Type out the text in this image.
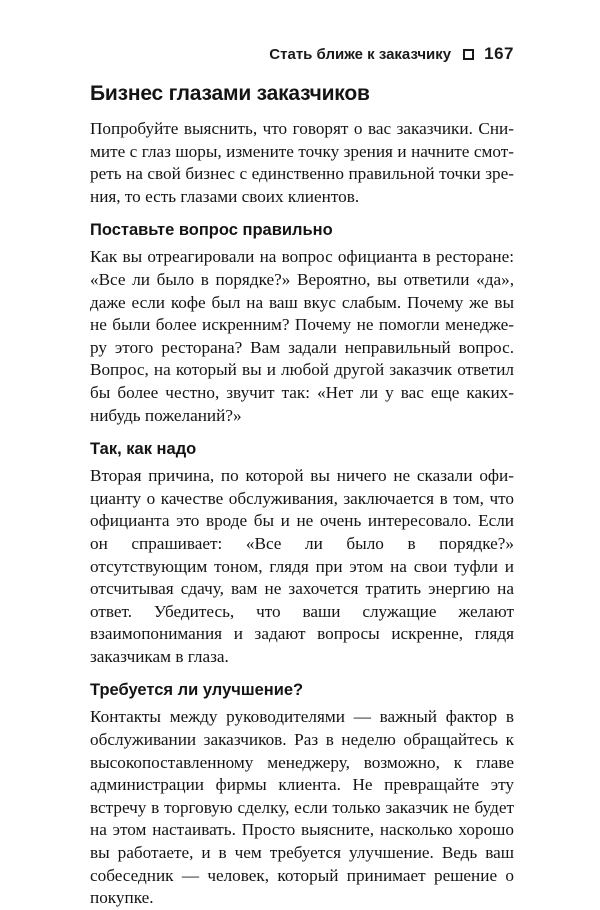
Стать ближе к заказчику 167
Бизнес глазами заказчиков

Попробуйте выяснить, что говорят о вас заказчики. Снимите с глаз шоры, измените точку зрения и начните смотреть на свой бизнес с единственно правильной точки зрения, то есть глазами своих клиентов.

Поставьте вопрос правильно

Как вы отреагировали на вопрос официанта в ресторане: «Все ли было в порядке?» Вероятно, вы ответили «да», даже если кофе был на ваш вкус слабым. Почему же вы не были более искренним? Почему не помогли менеджеру этого ресторана? Вам задали неправильный вопрос. Вопрос, на который вы и любой другой заказчик ответил бы более честно, звучит так: «Нет ли у вас еще каких-нибудь пожеланий?»

Так, как надо

Вторая причина, по которой вы ничего не сказали официанту о качестве обслуживания, заключается в том, что официанта это вроде бы и не очень интересовало. Если он спрашивает: «Все ли было в порядке?» отсутствующим тоном, глядя при этом на свои туфли и отсчитывая сдачу, вам не захочется тратить энергию на ответ. Убедитесь, что ваши служащие желают взаимопонимания и задают вопросы искренне, глядя заказчикам в глаза.

Требуется ли улучшение?

Контакты между руководителями — важный фактор в обслуживании заказчиков. Раз в неделю обращайтесь к высокопоставленному менеджеру, возможно, к главе администрации фирмы клиента. Не превращайте эту встречу в торговую сделку, если только заказчик не будет на этом настаивать. Просто выясните, насколько хорошо вы работаете, и в чем требуется улучшение. Ведь ваш собеседник — человек, который принимает решение о покупке.
